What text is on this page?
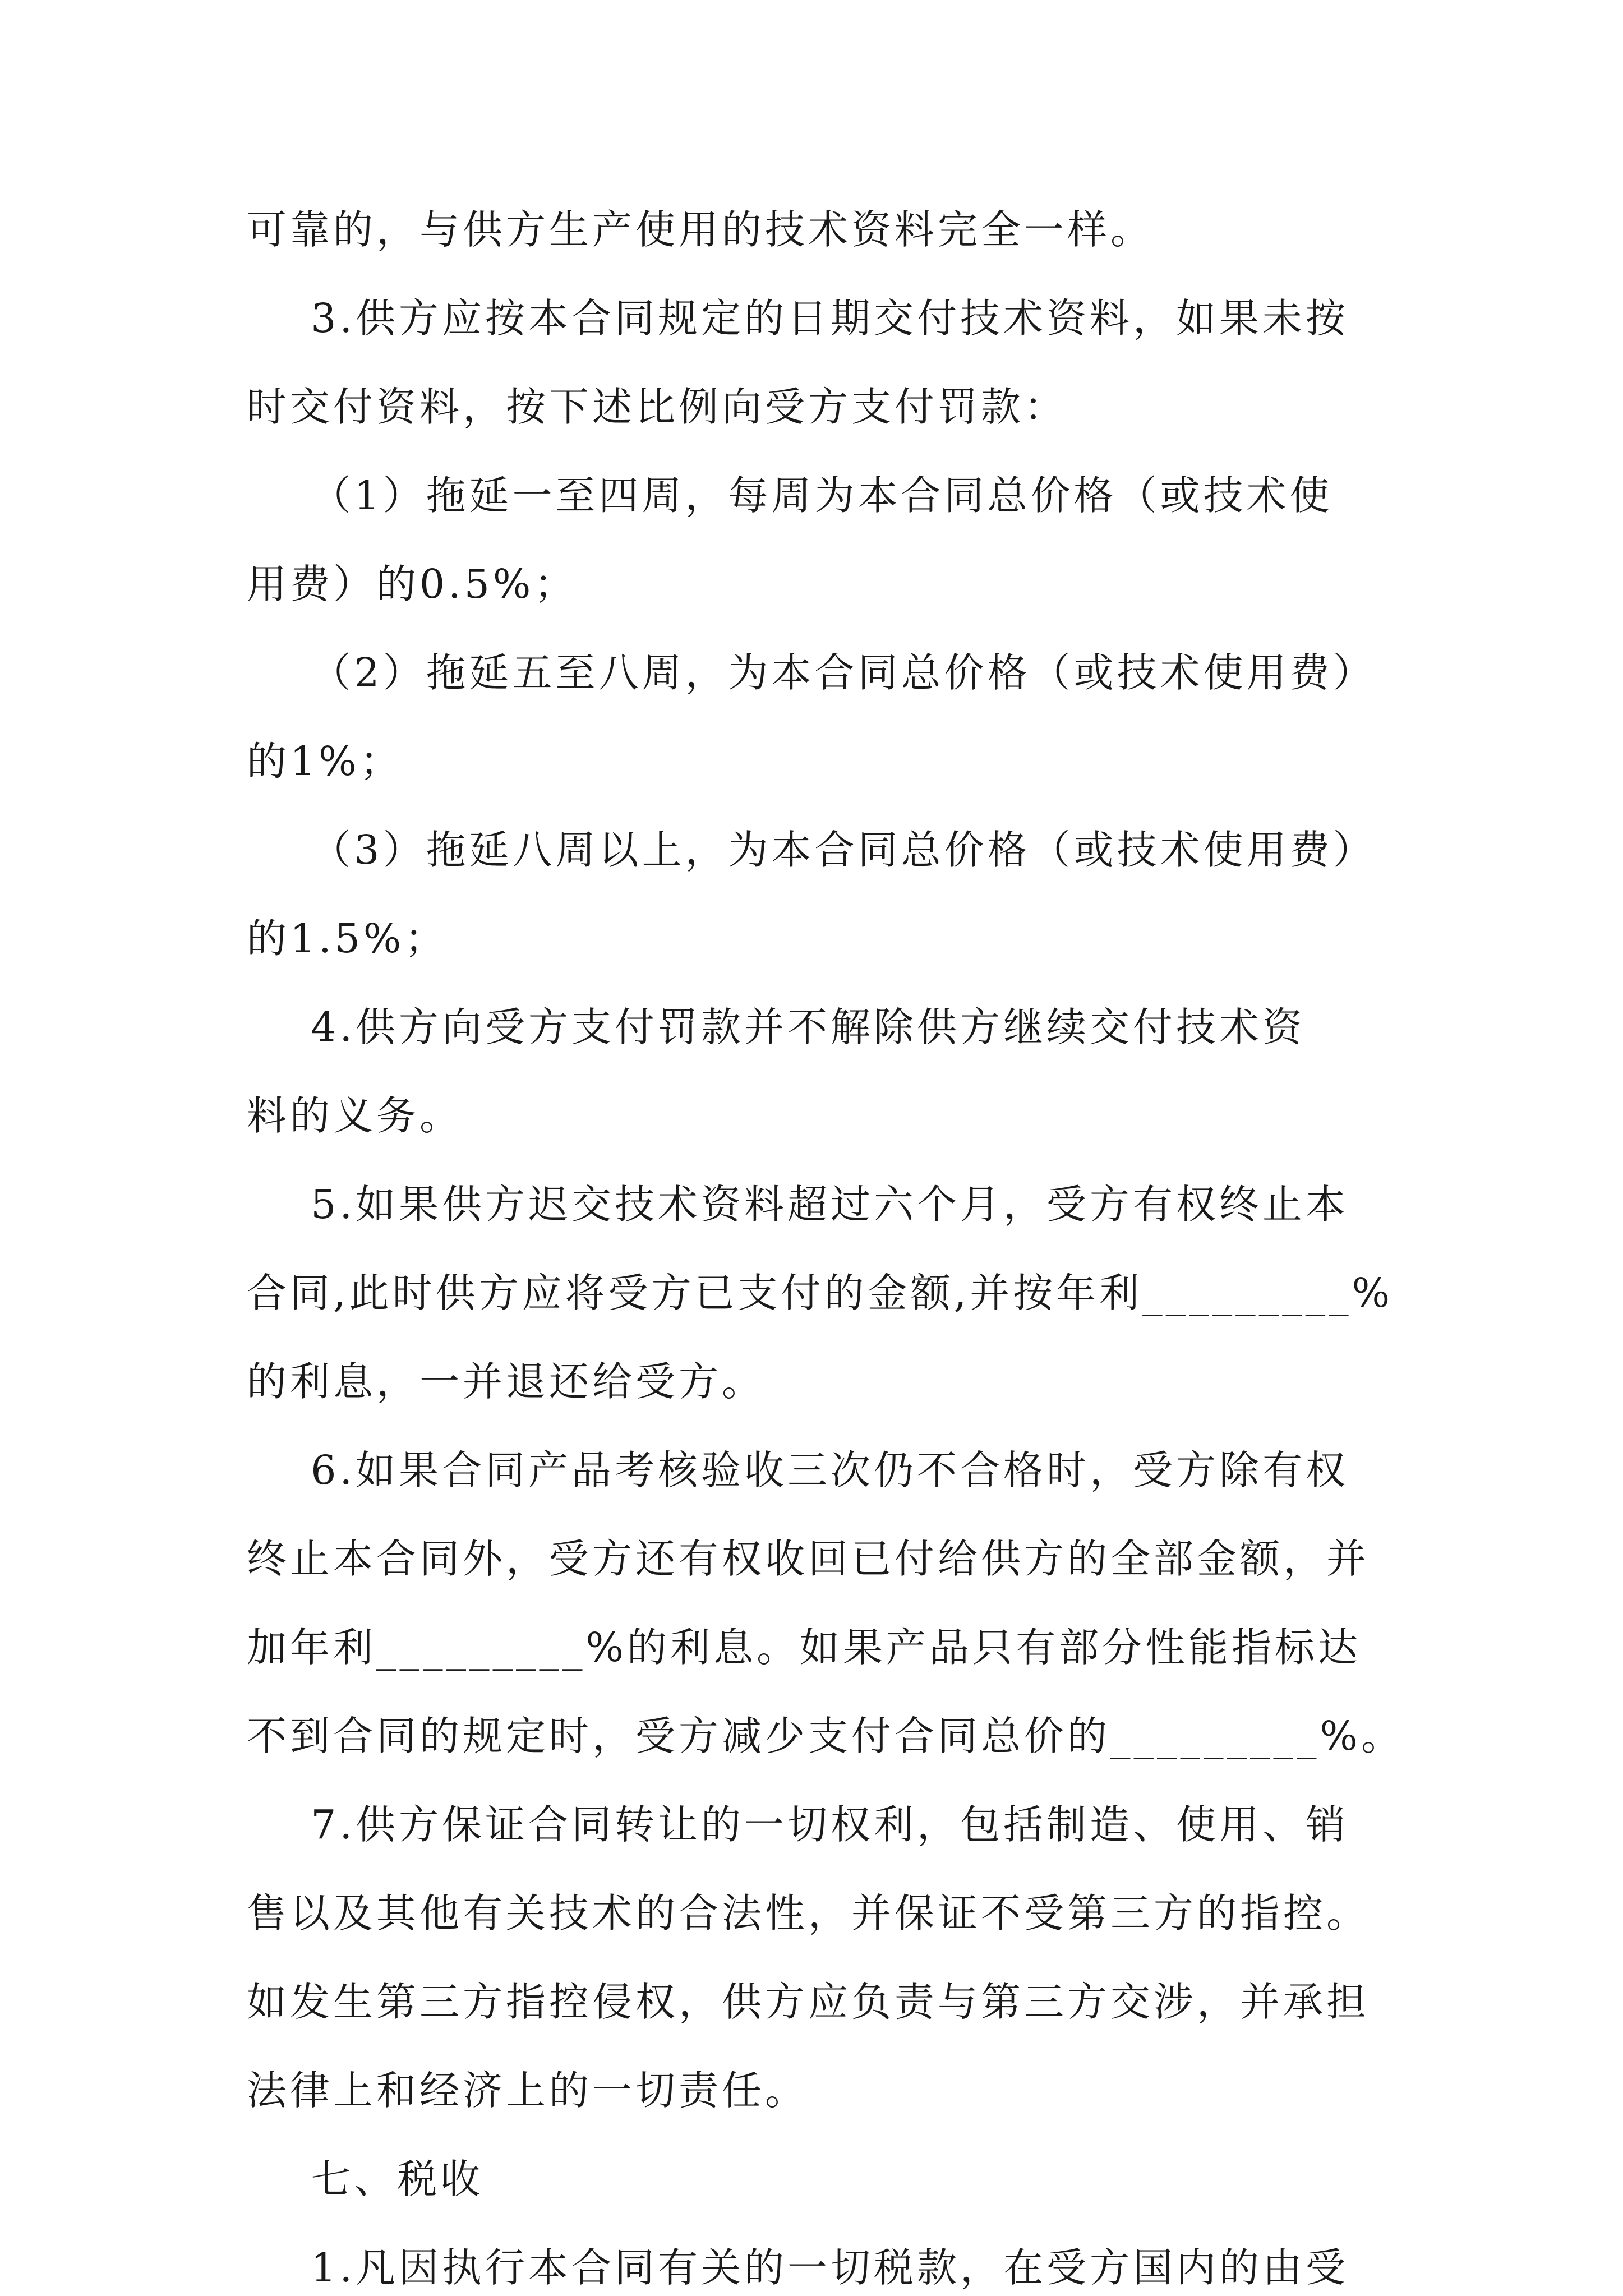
可靠的，与供方生产使用的技术资料完全一样。
3.供方应按本合同规定的日期交付技术资料，如果未按
时交付资料，按下述比例向受方支付罚款：
（1）拖延一至四周，每周为本合同总价格（或技术使
用费）的0.5%；
（2）拖延五至八周，为本合同总价格（或技术使用费）
的1%；
（3）拖延八周以上，为本合同总价格（或技术使用费）
的1.5%；
4.供方向受方支付罚款并不解除供方继续交付技术资
料的义务。
5.如果供方迟交技术资料超过六个月，受方有权终止本
合同,此时供方应将受方已支付的金额,并按年利_________%
的利息，一并退还给受方。
6.如果合同产品考核验收三次仍不合格时，受方除有权
终止本合同外，受方还有权收回已付给供方的全部金额，并
加年利_________%的利息。如果产品只有部分性能指标达
不到合同的规定时，受方减少支付合同总价的_________%。
7.供方保证合同转让的一切权利，包括制造、使用、销
售以及其他有关技术的合法性，并保证不受第三方的指控。
如发生第三方指控侵权，供方应负责与第三方交涉，并承担
法律上和经济上的一切责任。
七、税收
1.凡因执行本合同有关的一切税款，在受方国内的由受
